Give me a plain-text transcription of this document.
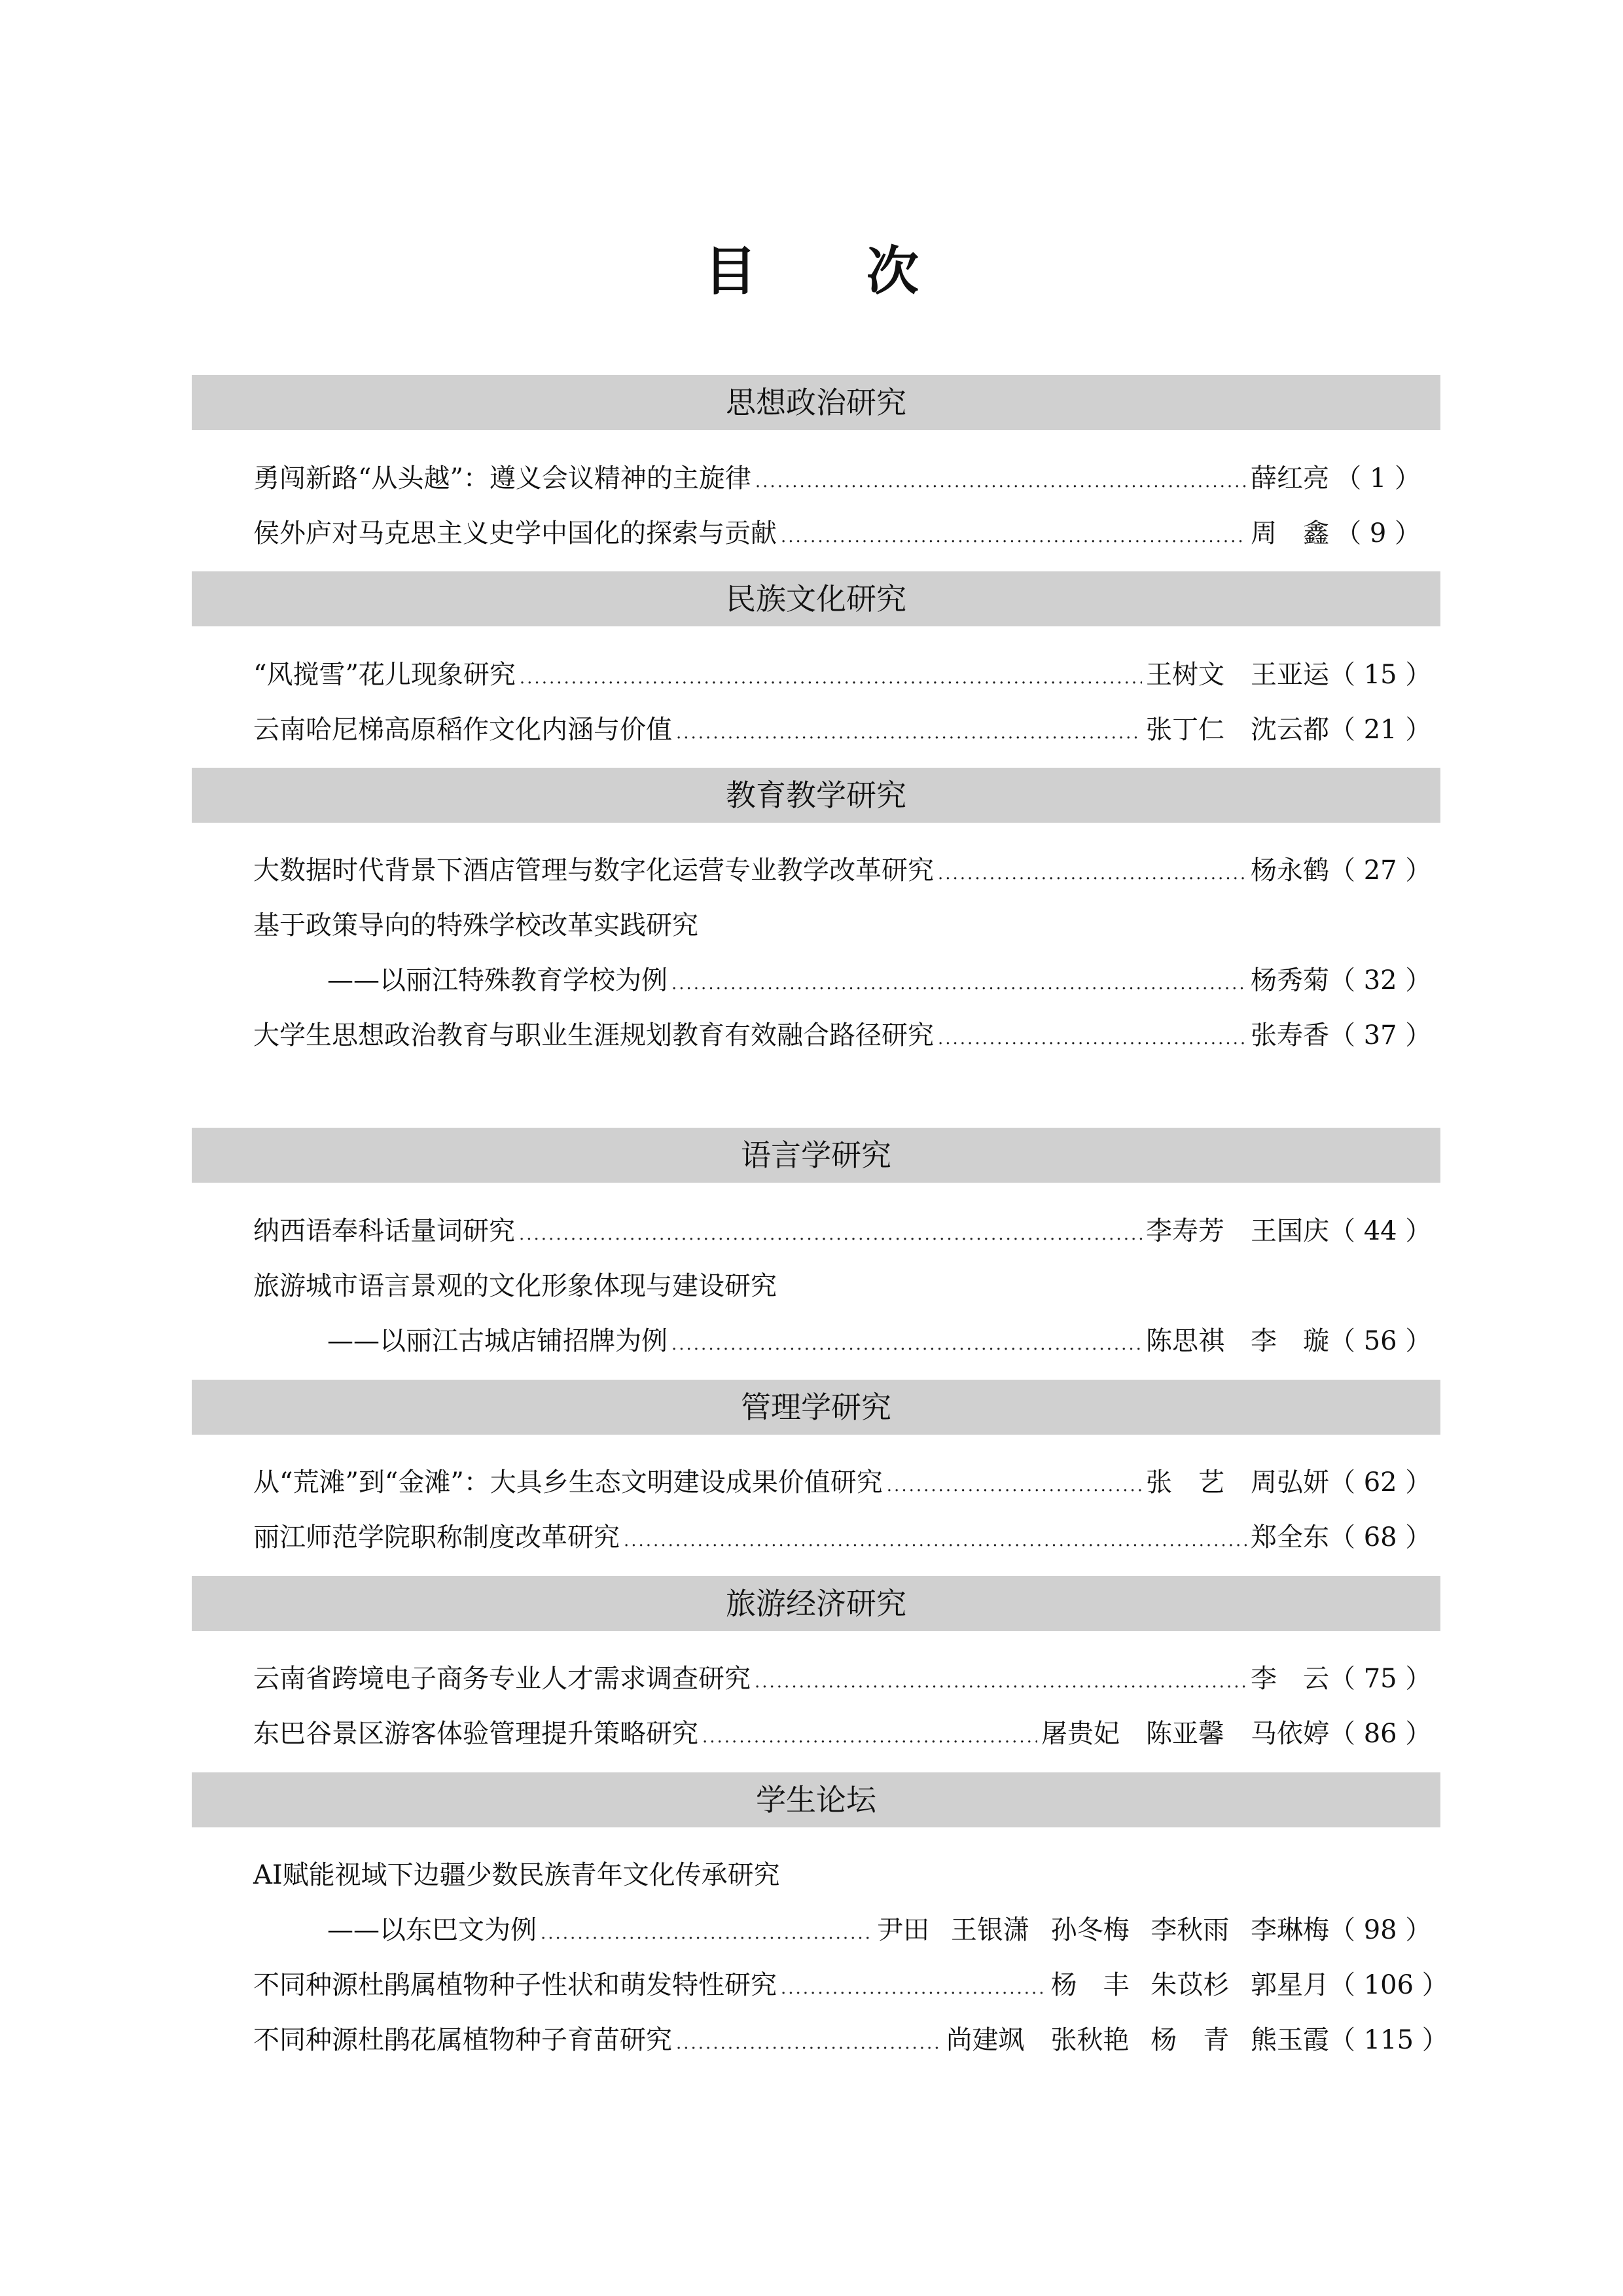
目 次
思想政治研究
勇闯新路“从头越”：遵义会议精神的主旋律 .....	薛红亮 （ 1 ）
侯外庐对马克思主义史学中国化的探索与贡献 .....	周　鑫 （ 9 ）
民族文化研究
“风搅雪”花儿现象研究 .....	王树文　王亚运 （ 15 ）
云南哈尼梯高原稻作文化内涵与价值 .....	张丁仁　沈云都 （ 21 ）
教育教学研究
大数据时代背景下酒店管理与数字化运营专业教学改革研究 .....	杨永鹤 （ 27 ）
基于政策导向的特殊学校改革实践研究
——以丽江特殊教育学校为例 .....	杨秀菊 （ 32 ）
大学生思想政治教育与职业生涯规划教育有效融合路径研究 .....	张寿香 （ 37 ）
语言学研究
纳西语奉科话量词研究 .....	李寿芳　王国庆 （ 44 ）
旅游城市语言景观的文化形象体现与建设研究
——以丽江古城店铺招牌为例 .....	陈思祺　李　璇 （ 56 ）
管理学研究
从“荒滩”到“金滩”：大具乡生态文明建设成果价值研究 .....	张　艺　周弘妍 （ 62 ）
丽江师范学院职称制度改革研究 .....	郑全东 （ 68 ）
旅游经济研究
云南省跨境电子商务专业人才需求调查研究 .....	李　云 （ 75 ）
东巴谷景区游客体验管理提升策略研究 .....	屠贵妃　陈亚馨　马依婷 （ 86 ）
学生论坛
AI赋能视域下边疆少数民族青年文化传承研究
——以东巴文为例 .....	尹田 王银潇 孙冬梅 李秋雨 李琳梅 （ 98 ）
不同种源杜鹃属植物种子性状和萌发特性研究 .....	杨　丰 朱苡杉 郭星月 （ 106 ）
不同种源杜鹃花属植物种子育苗研究 .....	尚建飒　张秋艳 杨　青 熊玉霞 （ 115 ）
